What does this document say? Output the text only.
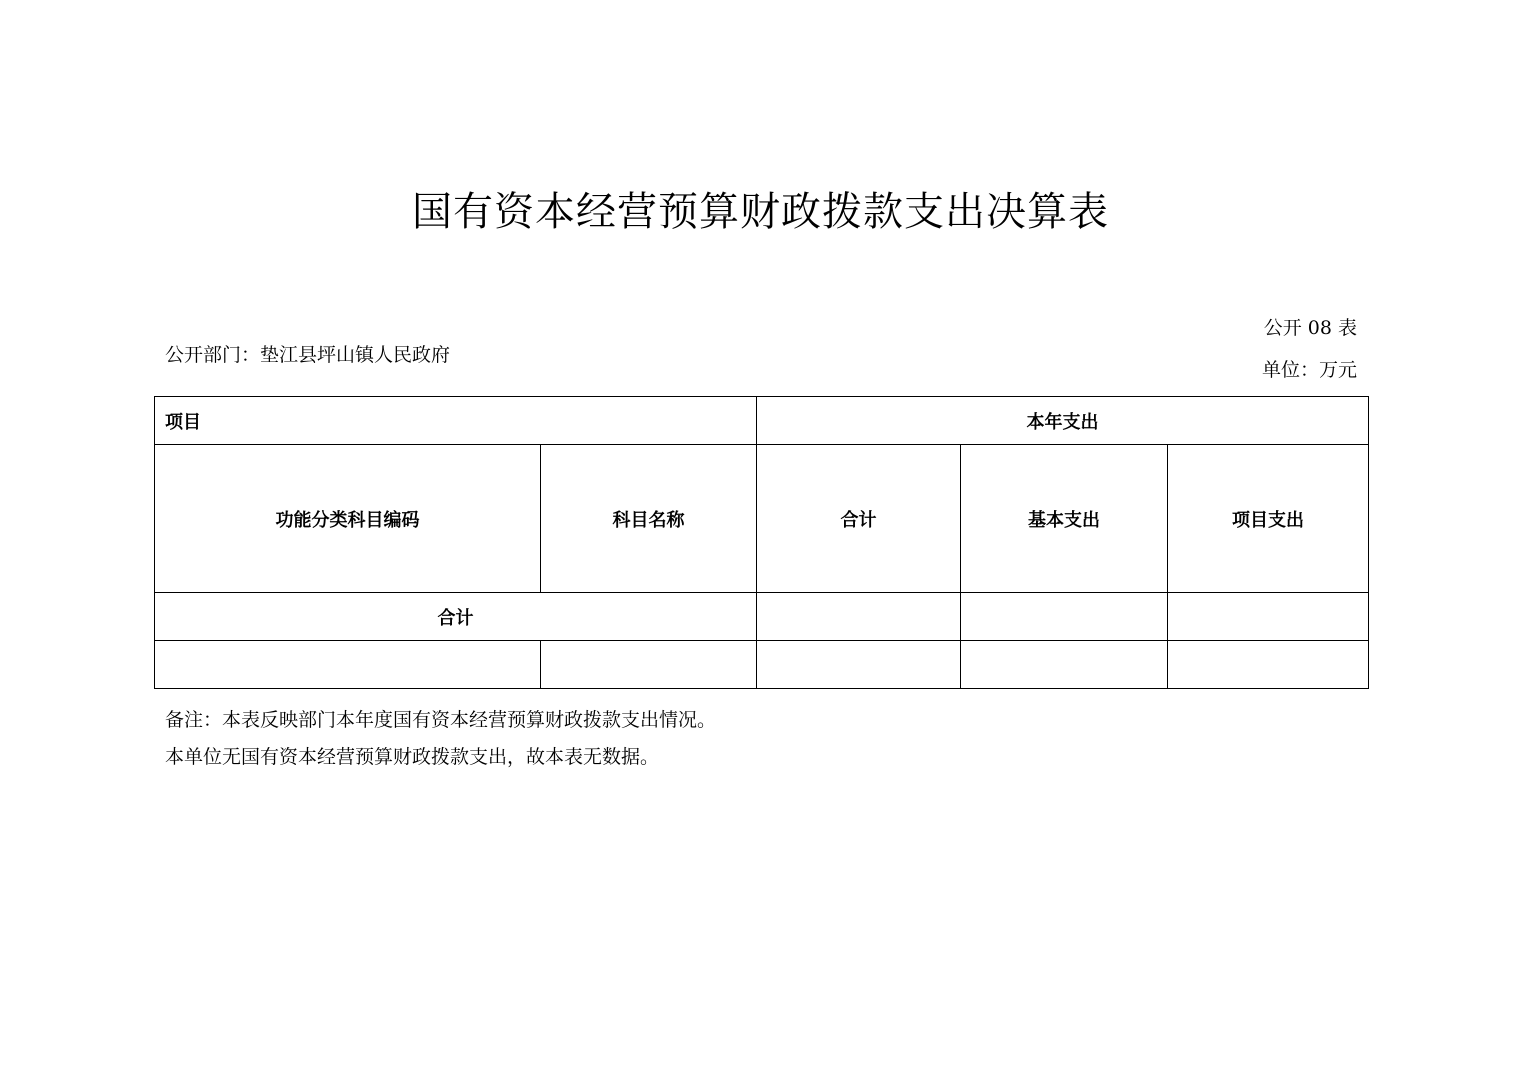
国有资本经营预算财政拨款支出决算表
公开 08 表
公开部门：垫江县坪山镇人民政府
单位：万元
项目		本年支出		
功能分类科目编码	科目名称	合计	基本支出	项目支出
合计				

备注：本表反映部门本年度国有资本经营预算财政拨款支出情况。
本单位无国有资本经营预算财政拨款支出，故本表无数据。
